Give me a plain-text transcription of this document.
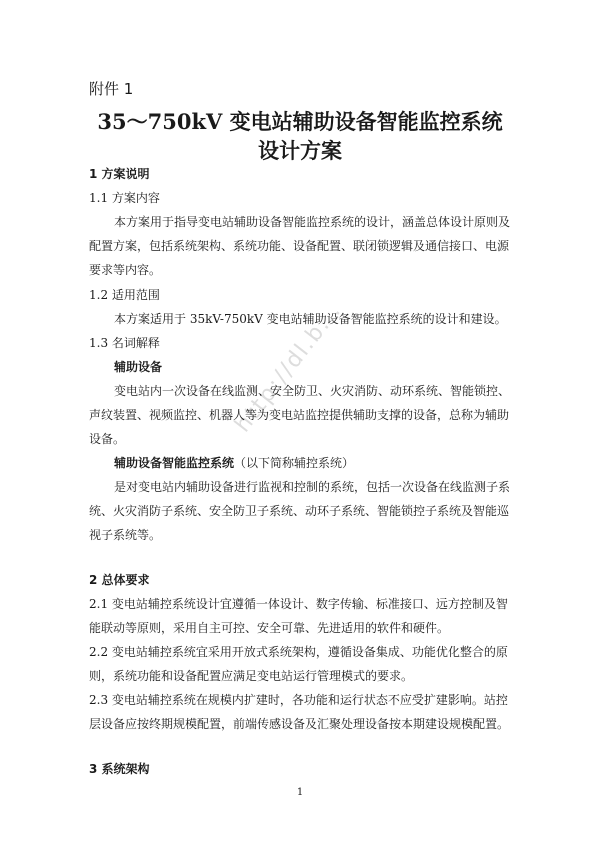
http://dl.b...
附件 1
35～750kV 变电站辅助设备智能监控系统
设计方案
1 方案说明
1.1 方案内容
本方案用于指导变电站辅助设备智能监控系统的设计，涵盖总体设计原则及
配置方案，包括系统架构、系统功能、设备配置、联闭锁逻辑及通信接口、电源
要求等内容。
1.2 适用范围
本方案适用于 35kV-750kV 变电站辅助设备智能监控系统的设计和建设。
1.3 名词解释
辅助设备
变电站内一次设备在线监测、安全防卫、火灾消防、动环系统、智能锁控、
声纹装置、视频监控、机器人等为变电站监控提供辅助支撑的设备，总称为辅助
设备。
辅助设备智能监控系统（以下简称辅控系统）
是对变电站内辅助设备进行监视和控制的系统，包括一次设备在线监测子系
统、火灾消防子系统、安全防卫子系统、动环子系统、智能锁控子系统及智能巡
视子系统等。
2 总体要求
2.1 变电站辅控系统设计宜遵循一体设计、数字传输、标准接口、远方控制及智
能联动等原则，采用自主可控、安全可靠、先进适用的软件和硬件。
2.2 变电站辅控系统宜采用开放式系统架构，遵循设备集成、功能优化整合的原
则，系统功能和设备配置应满足变电站运行管理模式的要求。
2.3 变电站辅控系统在规模内扩建时，各功能和运行状态不应受扩建影响。站控
层设备应按终期规模配置，前端传感设备及汇聚处理设备按本期建设规模配置。
3 系统架构
1
